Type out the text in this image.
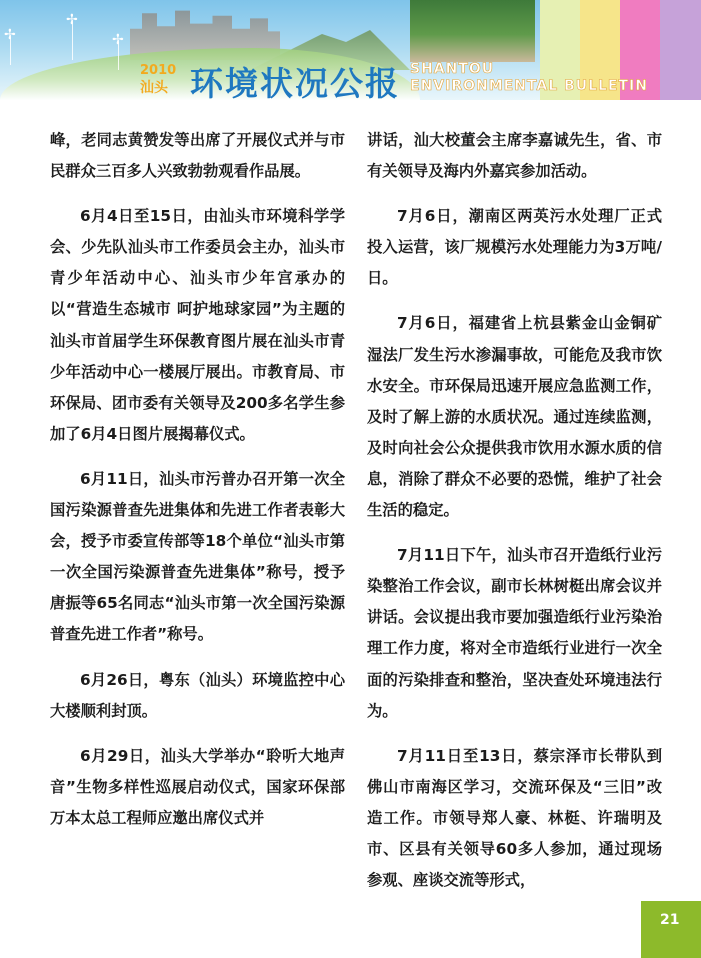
✢
✢
✢
2010
汕头 环境状况公报 SHANTOU
ENVIRONMENTAL BULLETIN

峰，老同志黄赞发等出席了开展仪式并与市民群众三百多人兴致勃勃观看作品展。

6月4日至15日，由汕头市环境科学学会、少先队汕头市工作委员会主办，汕头市青少年活动中心、汕头市少年宫承办的以“营造生态城市 呵护地球家园”为主题的汕头市首届学生环保教育图片展在汕头市青少年活动中心一楼展厅展出。市教育局、市环保局、团市委有关领导及200多名学生参加了6月4日图片展揭幕仪式。

6月11日，汕头市污普办召开第一次全国污染源普查先进集体和先进工作者表彰大会，授予市委宣传部等18个单位“汕头市第一次全国污染源普查先进集体”称号，授予唐振等65名同志“汕头市第一次全国污染源普查先进工作者”称号。

6月26日，粤东（汕头）环境监控中心大楼顺利封顶。

6月29日，汕头大学举办“聆听大地声音”生物多样性巡展启动仪式，国家环保部万本太总工程师应邀出席仪式并

讲话，汕大校董会主席李嘉诚先生，省、市有关领导及海内外嘉宾参加活动。

7月6日，潮南区两英污水处理厂正式投入运营，该厂规模污水处理能力为3万吨/日。

7月6日，福建省上杭县紫金山金铜矿湿法厂发生污水渗漏事故，可能危及我市饮水安全。市环保局迅速开展应急监测工作，及时了解上游的水质状况。通过连续监测，及时向社会公众提供我市饮用水源水质的信息，消除了群众不必要的恐慌，维护了社会生活的稳定。

7月11日下午，汕头市召开造纸行业污染整治工作会议，副市长林树梃出席会议并讲话。会议提出我市要加强造纸行业污染治理工作力度，将对全市造纸行业进行一次全面的污染排查和整治，坚决查处环境违法行为。

7月11日至13日，蔡宗泽市长带队到佛山市南海区学习，交流环保及“三旧”改造工作。市领导郑人豪、林梃、许瑞明及市、区县有关领导60多人参加，通过现场参观、座谈交流等形式，

21
